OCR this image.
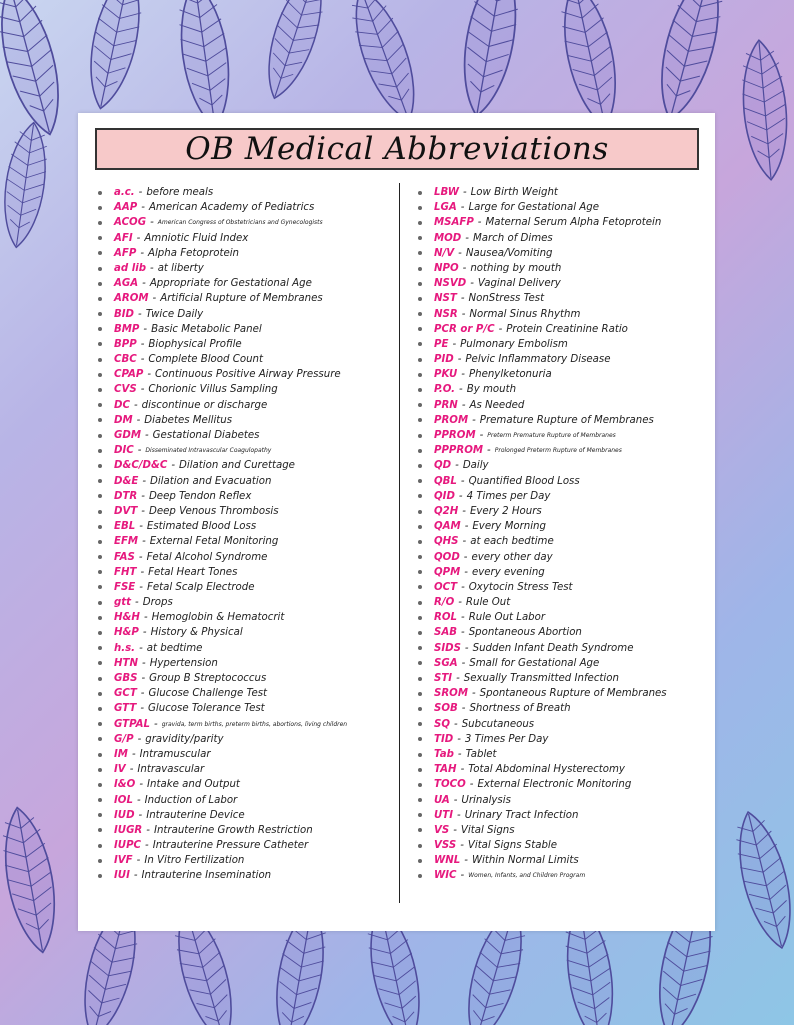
OB Medical Abbreviations
a.c. - before meals
AAP - American Academy of Pediatrics
ACOG - American Congress of Obstetricians and Gynecologists
AFI - Amniotic Fluid Index
AFP - Alpha Fetoprotein
ad lib - at liberty
AGA - Appropriate for Gestational Age
AROM - Artificial Rupture of Membranes
BID - Twice Daily
BMP - Basic Metabolic Panel
BPP - Biophysical Profile
CBC - Complete Blood Count
CPAP - Continuous Positive Airway Pressure
CVS - Chorionic Villus Sampling
DC - discontinue or discharge
DM - Diabetes Mellitus
GDM - Gestational Diabetes
DIC - Disseminated Intravascular Coagulopathy
D&C/D&C - Dilation and Curettage
D&E - Dilation and Evacuation
DTR - Deep Tendon Reflex
DVT - Deep Venous Thrombosis
EBL - Estimated Blood Loss
EFM - External Fetal Monitoring
FAS - Fetal Alcohol Syndrome
FHT - Fetal Heart Tones
FSE - Fetal Scalp Electrode
gtt - Drops
H&H - Hemoglobin & Hematocrit
H&P - History & Physical
h.s. - at bedtime
HTN - Hypertension
GBS - Group B Streptococcus
GCT - Glucose Challenge Test
GTT - Glucose Tolerance Test
GTPAL - gravida, term births, preterm births, abortions, living children
G/P - gravidity/parity
IM - Intramuscular
IV - Intravascular
I&O - Intake and Output
IOL - Induction of Labor
IUD - Intrauterine Device
IUGR - Intrauterine Growth Restriction
IUPC - Intrauterine Pressure Catheter
IVF - In Vitro Fertilization
IUI - Intrauterine Insemination
LBW - Low Birth Weight
LGA - Large for Gestational Age
MSAFP - Maternal Serum Alpha Fetoprotein
MOD - March of Dimes
N/V - Nausea/Vomiting
NPO - nothing by mouth
NSVD - Vaginal Delivery
NST - NonStress Test
NSR - Normal Sinus Rhythm
PCR or P/C - Protein Creatinine Ratio
PE - Pulmonary Embolism
PID - Pelvic Inflammatory Disease
PKU - Phenylketonuria
P.O. - By mouth
PRN - As Needed
PROM - Premature Rupture of Membranes
PPROM - Preterm Premature Rupture of Membranes
PPPROM - Prolonged Preterm Rupture of Membranes
QD - Daily
QBL - Quantified Blood Loss
QID - 4 Times per Day
Q2H - Every 2 Hours
QAM - Every Morning
QHS - at each bedtime
QOD - every other day
QPM - every evening
OCT - Oxytocin Stress Test
R/O - Rule Out
ROL - Rule Out Labor
SAB - Spontaneous Abortion
SIDS - Sudden Infant Death Syndrome
SGA - Small for Gestational Age
STI - Sexually Transmitted Infection
SROM - Spontaneous Rupture of Membranes
SOB - Shortness of Breath
SQ - Subcutaneous
TID - 3 Times Per Day
Tab - Tablet
TAH - Total Abdominal Hysterectomy
TOCO - External Electronic Monitoring
UA - Urinalysis
UTI - Urinary Tract Infection
VS - Vital Signs
VSS - Vital Signs Stable
WNL - Within Normal Limits
WIC - Women, Infants, and Children Program
